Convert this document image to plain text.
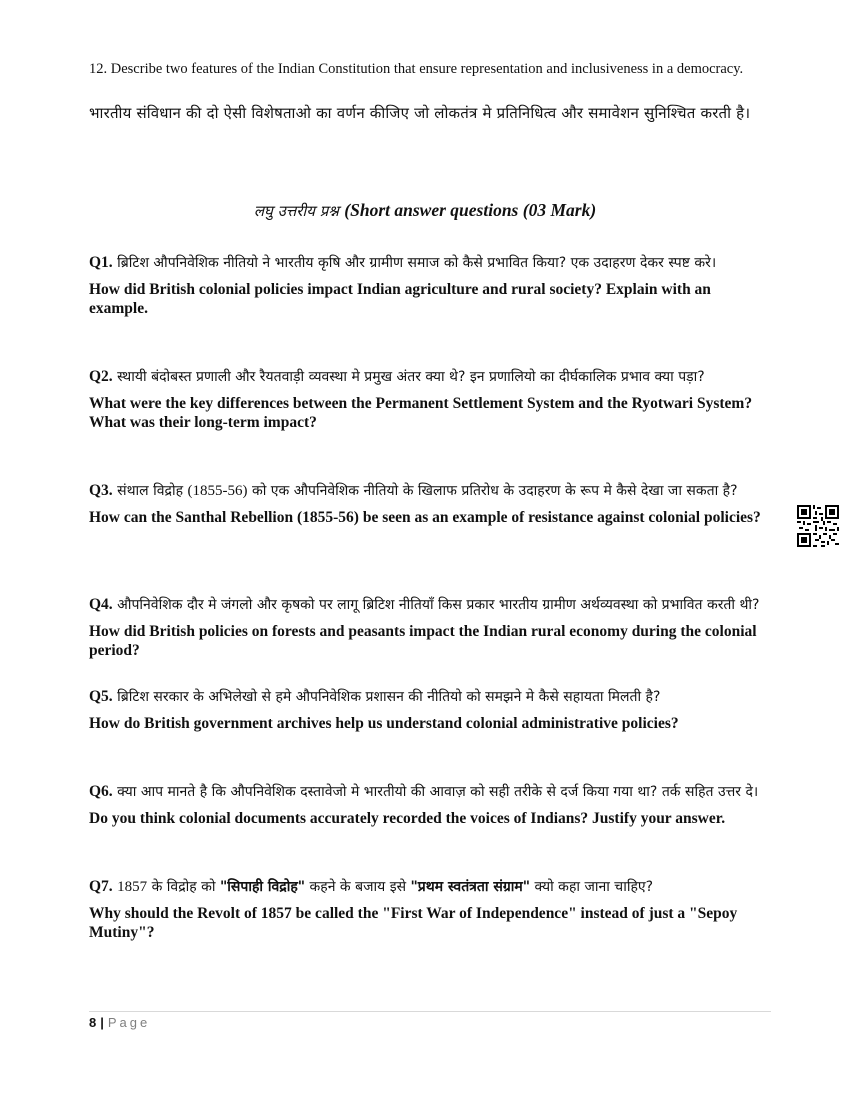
12. Describe two features of the Indian Constitution that ensure representation and inclusiveness in a democracy.
भारतीय संविधान की दो ऐसी विशेषताओ का वर्णन कीजिए जो लोकतंत्र मे प्रतिनिधित्व और समावेशन सुनिश्चित करती है।
लघु उत्तरीय प्रश्न (Short answer questions (03 Mark)
Q1. ब्रिटिश औपनिवेशिक नीतियो ने भारतीय कृषि और ग्रामीण समाज को कैसे प्रभावित किया? एक उदाहरण देकर स्पष्ट करे।
How did British colonial policies impact Indian agriculture and rural society? Explain with an example.
Q2. स्थायी बंदोबस्त प्रणाली और रैयतवाड़ी व्यवस्था मे प्रमुख अंतर क्या थे? इन प्रणालियो का दीर्घकालिक प्रभाव क्या पड़ा?
What were the key differences between the Permanent Settlement System and the Ryotwari System? What was their long-term impact?
Q3. संथाल विद्रोह (1855-56) को एक औपनिवेशिक नीतियो के खिलाफ प्रतिरोध के उदाहरण के रूप मे कैसे देखा जा सकता है?
How can the Santhal Rebellion (1855-56) be seen as an example of resistance against colonial policies?
Q4. औपनिवेशिक दौर मे जंगलो और कृषको पर लागू ब्रिटिश नीतियाँ किस प्रकार भारतीय ग्रामीण अर्थव्यवस्था को प्रभावित करती थी?
How did British policies on forests and peasants impact the Indian rural economy during the colonial period?
Q5. ब्रिटिश सरकार के अभिलेखो से हमे औपनिवेशिक प्रशासन की नीतियो को समझने मे कैसे सहायता मिलती है?
How do British government archives help us understand colonial administrative policies?
Q6. क्या आप मानते है कि औपनिवेशिक दस्तावेजो मे भारतीयो की आवाज़ को सही तरीके से दर्ज किया गया था? तर्क सहित उत्तर दे।
Do you think colonial documents accurately recorded the voices of Indians? Justify your answer.
Q7. 1857 के विद्रोह को "सिपाही विद्रोह" कहने के बजाय इसे "प्रथम स्वतंत्रता संग्राम" क्यो कहा जाना चाहिए?
Why should the Revolt of 1857 be called the "First War of Independence" instead of just a "Sepoy Mutiny"?
8 | Page
